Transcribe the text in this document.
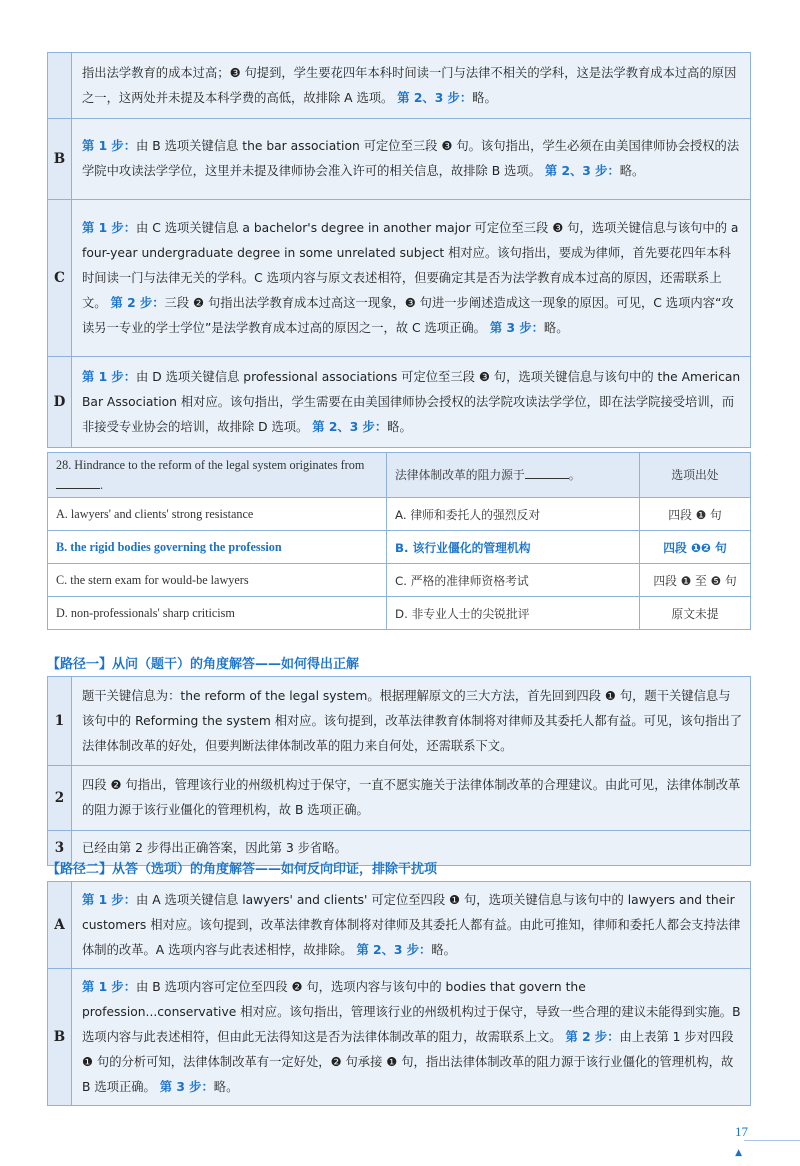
	指出法学教育的成本过高；❸ 句提到，学生要花四年本科时间读一门与法律不相关的学科，这是法学教育成本过高的原因之一，这两处并未提及本科学费的高低，故排除 A 选项。 第 2、3 步：略。
B	第 1 步：由 B 选项关键信息 the bar association 可定位至三段 ❸ 句。该句指出，学生必须在由美国律师协会授权的法学院中攻读法学学位，这里并未提及律师协会准入许可的相关信息，故排除 B 选项。 第 2、3 步：略。
C	第 1 步：由 C 选项关键信息 a bachelor's degree in another major 可定位至三段 ❸ 句，选项关键信息与该句中的 a four-year undergraduate degree in some unrelated subject 相对应。该句指出，要成为律师，首先要花四年本科时间读一门与法律无关的学科。C 选项内容与原文表述相符，但要确定其是否为法学教育成本过高的原因，还需联系上文。 第 2 步：三段 ❷ 句指出法学教育成本过高这一现象，❸ 句进一步阐述造成这一现象的原因。可见，C 选项内容“攻读另一专业的学士学位”是法学教育成本过高的原因之一，故 C 选项正确。 第 3 步：略。
D	第 1 步：由 D 选项关键信息 professional associations 可定位至三段 ❸ 句，选项关键信息与该句中的 the American Bar Association 相对应。该句指出，学生需要在由美国律师协会授权的法学院攻读法学学位，即在法学院接受培训，而非接受专业协会的培训，故排除 D 选项。 第 2、3 步：略。
28. Hindrance to the reform of the legal system originates from .	法律体制改革的阻力源于 。	选项出处
A. lawyers' and clients' strong resistance	A. 律师和委托人的强烈反对	四段 ❶ 句
B. the rigid bodies governing the profession	B. 该行业僵化的管理机构	四段 ❶❷ 句
C. the stern exam for would-be lawyers	C. 严格的准律师资格考试	四段 ❶ 至 ❺ 句
D. non-professionals' sharp criticism	D. 非专业人士的尖锐批评	原文未提
【路径一】从问（题干）的角度解答——如何得出正解
1	题干关键信息为：the reform of the legal system。根据理解原文的三大方法，首先回到四段 ❶ 句，题干关键信息与该句中的 Reforming the system 相对应。该句提到，改革法律教育体制将对律师及其委托人都有益。可见，该句指出了法律体制改革的好处，但要判断法律体制改革的阻力来自何处，还需联系下文。
2	四段 ❷ 句指出，管理该行业的州级机构过于保守，一直不愿实施关于法律体制改革的合理建议。由此可见，法律体制改革的阻力源于该行业僵化的管理机构，故 B 选项正确。
3	已经由第 2 步得出正确答案，因此第 3 步省略。
【路径二】从答（选项）的角度解答——如何反向印证，排除干扰项
A	第 1 步：由 A 选项关键信息 lawyers' and clients' 可定位至四段 ❶ 句，选项关键信息与该句中的 lawyers and their customers 相对应。该句提到，改革法律教育体制将对律师及其委托人都有益。由此可推知，律师和委托人都会支持法律体制的改革。A 选项内容与此表述相悖，故排除。 第 2、3 步：略。
B	第 1 步：由 B 选项内容可定位至四段 ❷ 句，选项内容与该句中的 bodies that govern the profession...conservative 相对应。该句指出，管理该行业的州级机构过于保守，导致一些合理的建议未能得到实施。B 选项内容与此表述相符，但由此无法得知这是否为法律体制改革的阻力，故需联系上文。 第 2 步：由上表第 1 步对四段 ❶ 句的分析可知，法律体制改革有一定好处，❷ 句承接 ❶ 句，指出法律体制改革的阻力源于该行业僵化的管理机构，故 B 选项正确。 第 3 步：略。
17
▲
